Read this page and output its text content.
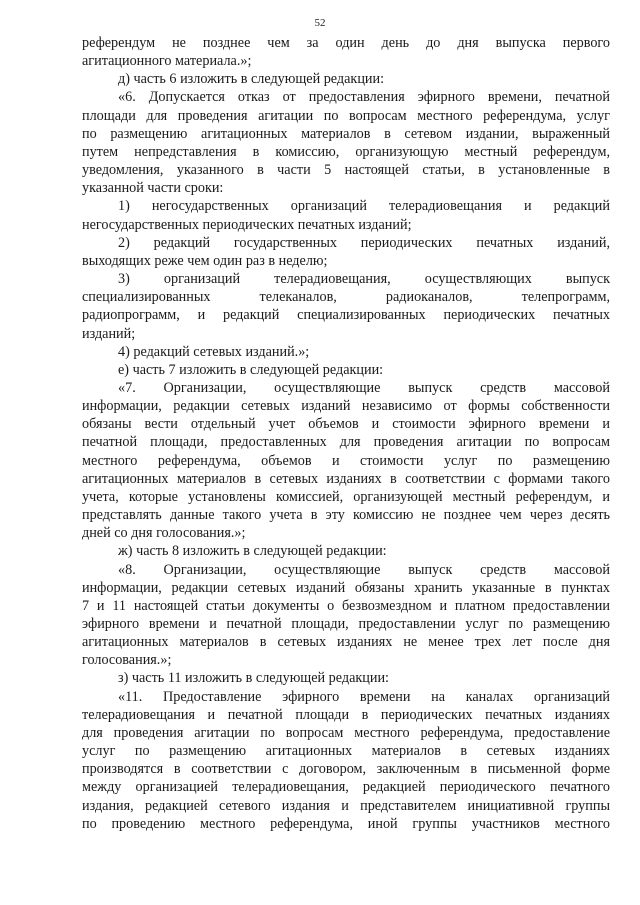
52

референдум не позднее чем за один день до дня выпуска первого

агитационного материала.»;

д) часть 6 изложить в следующей редакции:

«6. Допускается отказ от предоставления эфирного времени, печатной

площади для проведения агитации по вопросам местного референдума, услуг

по размещению агитационных материалов в сетевом издании, выраженный

путем непредставления в комиссию, организующую местный референдум,

уведомления, указанного в части 5 настоящей статьи, в установленные в

указанной части сроки:

1) негосударственных организаций телерадиовещания и редакций

негосударственных периодических печатных изданий;

2) редакций государственных периодических печатных изданий,

выходящих реже чем один раз в неделю;

3) организаций телерадиовещания, осуществляющих выпуск

специализированных телеканалов, радиоканалов, телепрограмм,

радиопрограмм, и редакций специализированных периодических печатных

изданий;

4) редакций сетевых изданий.»;

е) часть 7 изложить в следующей редакции:

«7. Организации, осуществляющие выпуск средств массовой

информации, редакции сетевых изданий независимо от формы собственности

обязаны вести отдельный учет объемов и стоимости эфирного времени и

печатной площади, предоставленных для проведения агитации по вопросам

местного референдума, объемов и стоимости услуг по размещению

агитационных материалов в сетевых изданиях в соответствии с формами такого

учета, которые установлены комиссией, организующей местный референдум, и

представлять данные такого учета в эту комиссию не позднее чем через десять

дней со дня голосования.»;

ж) часть 8 изложить в следующей редакции:

«8. Организации, осуществляющие выпуск средств массовой

информации, редакции сетевых изданий обязаны хранить указанные в пунктах

7 и 11 настоящей статьи документы о безвозмездном и платном предоставлении

эфирного времени и печатной площади, предоставлении услуг по размещению

агитационных материалов в сетевых изданиях не менее трех лет после дня

голосования.»;

з) часть 11 изложить в следующей редакции:

«11. Предоставление эфирного времени на каналах организаций

телерадиовещания и печатной площади в периодических печатных изданиях

для проведения агитации по вопросам местного референдума, предоставление

услуг по размещению агитационных материалов в сетевых изданиях

производятся в соответствии с договором, заключенным в письменной форме

между организацией телерадиовещания, редакцией периодического печатного

издания, редакцией сетевого издания и представителем инициативной группы

по проведению местного референдума, иной группы участников местного
